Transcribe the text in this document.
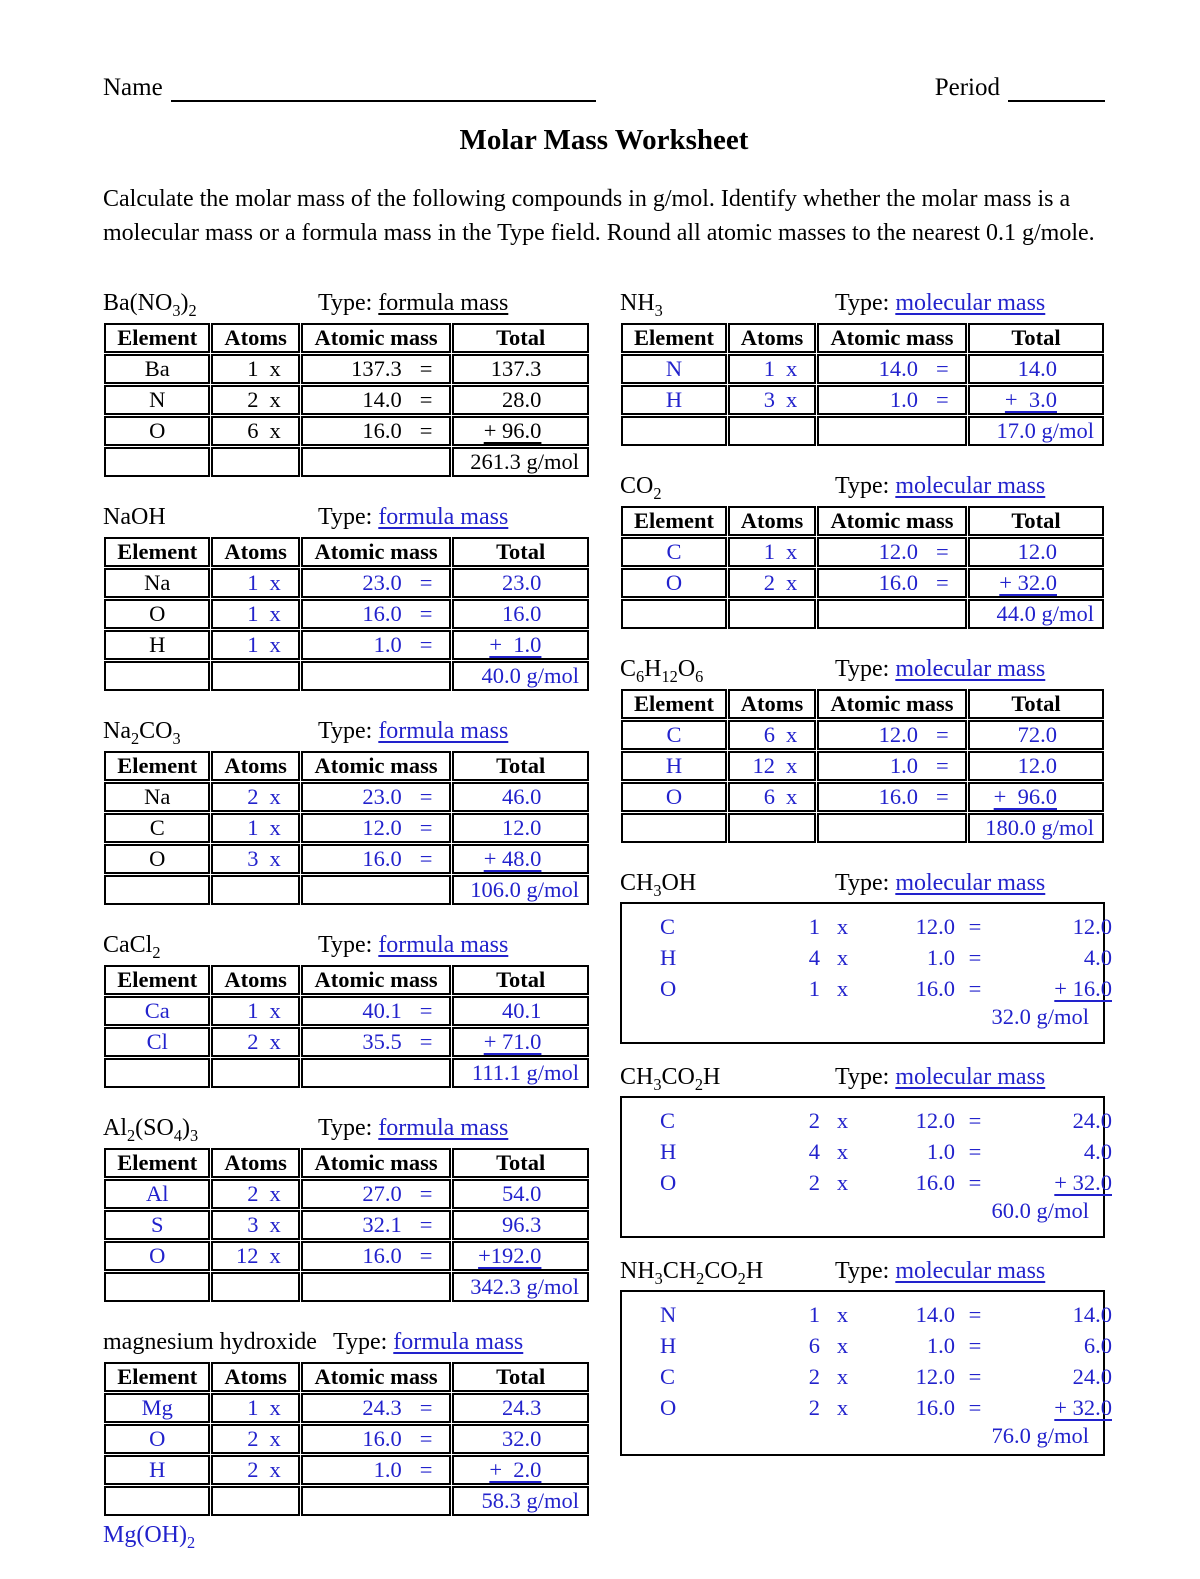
Name	Period
Molar Mass Worksheet
Calculate the molar mass of the following compounds in g/mol. Identify whether the molar mass is a molecular mass or a formula mass in the Type field. Round all atomic masses to the nearest 0.1 g/mole.
$Ba(NO_3)_2$	Type: formula mass
Element	Atoms	Atomic mass	Total
Ba	1 x	137.3 =	137.3
N	2 x	14.0 =	28.0
O	6 x	16.0 =	+ 96.0

			261.3 g/mol
NaOH	Type: formula mass
Element	Atoms	Atomic mass	Total
Na	1 x	23.0 =	23.0
O	1 x	16.0 =	16.0
H	1 x	1.0 =	+  1.0

			40.0 g/mol
$Na_2CO_3$	Type: formula mass
Element	Atoms	Atomic mass	Total
Na	2 x	23.0 =	46.0
C	1 x	12.0 =	12.0
O	3 x	16.0 =	+ 48.0

			106.0 g/mol
CaCl$_2$	Type: formula mass
Element	Atoms	Atomic mass	Total
Ca	1 x	40.1 =	40.1
Cl	2 x	35.5 =	+ 71.0

			111.1 g/mol
$Al_2(SO_4)_3$	Type: formula mass
Element	Atoms	Atomic mass	Total
Al	2 x	27.0 =	54.0
S	3 x	32.1 =	96.3
O	12 x	16.0 =	+192.0

			342.3 g/mol
magnesium hydroxide Type: formula mass
Element	Atoms	Atomic mass	Total
Mg	1 x	24.3 =	24.3
O	2 x	16.0 =	32.0
H	2 x	1.0 =	+  2.0

			58.3 g/mol
$Mg(OH)_2$
$NH_3$	Type: molecular mass
Element	Atoms	Atomic mass	Total
N	1 x	14.0 =	14.0
H	3 x	1.0 =	+  3.0

			17.0 g/mol
$CO_2$	Type: molecular mass
Element	Atoms	Atomic mass	Total
C	1 x	12.0 =	12.0
O	2 x	16.0 =	+ 32.0

			44.0 g/mol
$C_6H_{12}O_6$	Type: molecular mass
Element	Atoms	Atomic mass	Total
C	6 x	12.0 =	72.0
H	12 x	1.0 =	12.0
O	6 x	16.0 =	+  96.0

			180.0 g/mol
$CH_3OH$	Type: molecular mass
C	1 x	12.0 =	12.0
H	4 x	1.0 =	4.0
O	1 x	16.0 =	+ 16.0
32.0 g/mol
$CH_3CO_2H$	Type: molecular mass
C	2 x	12.0 =	24.0
H	4 x	1.0 =	4.0
O	2 x	16.0 =	+ 32.0
60.0 g/mol
$NH_3CH_2CO_2H$	Type: molecular mass
N	1 x	14.0 =	14.0
H	6 x	1.0 =	6.0
C	2 x	12.0 =	24.0
O	2 x	16.0 =	+ 32.0
76.0 g/mol
